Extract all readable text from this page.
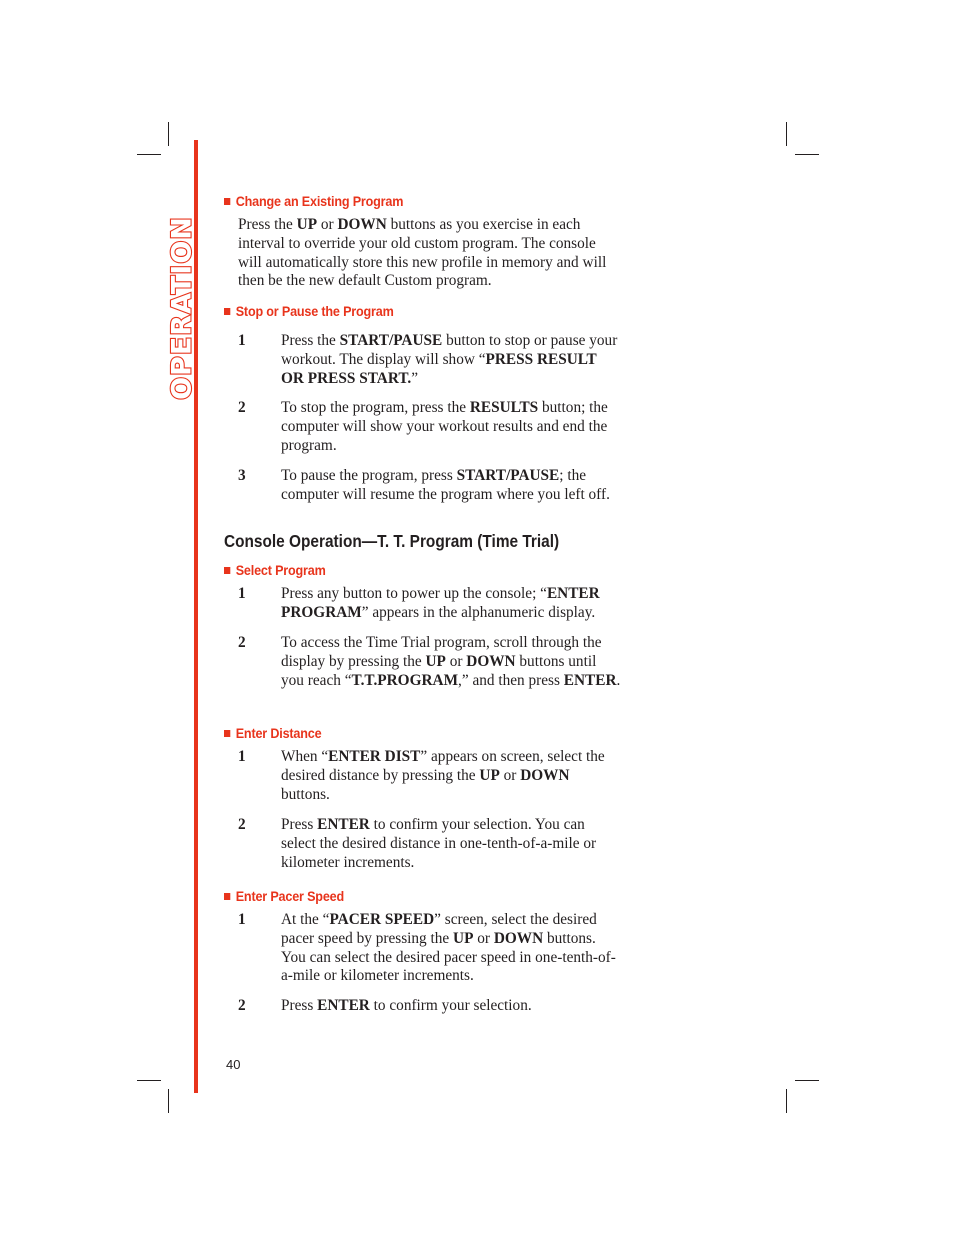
OPERATION
Change an Existing Program
Press the UP or DOWN buttons as you exercise in each interval to override your old custom program. The console will automatically store this new profile in memory and will then be the new default Custom program.
Stop or Pause the Program
1 Press the START/PAUSE button to stop or pause your workout. The display will show “PRESS RESULT OR PRESS START.”
2 To stop the program, press the RESULTS button; the computer will show your workout results and end the program.
3 To pause the program, press START/PAUSE; the computer will resume the program where you left off.
Console Operation—T. T. Program (Time Trial)
Select Program
1 Press any button to power up the console; “ENTER PROGRAM” appears in the alphanumeric display.
2 To access the Time Trial program, scroll through the display by pressing the UP or DOWN buttons until you reach “T.T.PROGRAM,” and then press ENTER.
Enter Distance
1 When “ENTER DIST” appears on screen, select the desired distance by pressing the UP or DOWN buttons.
2 Press ENTER to confirm your selection. You can select the desired distance in one-tenth-of-a-mile or kilometer increments.
Enter Pacer Speed
1 At the “PACER SPEED” screen, select the desired pacer speed by pressing the UP or DOWN buttons. You can select the desired pacer speed in one-tenth-of-a-mile or kilometer increments.
2 Press ENTER to confirm your selection.
40
